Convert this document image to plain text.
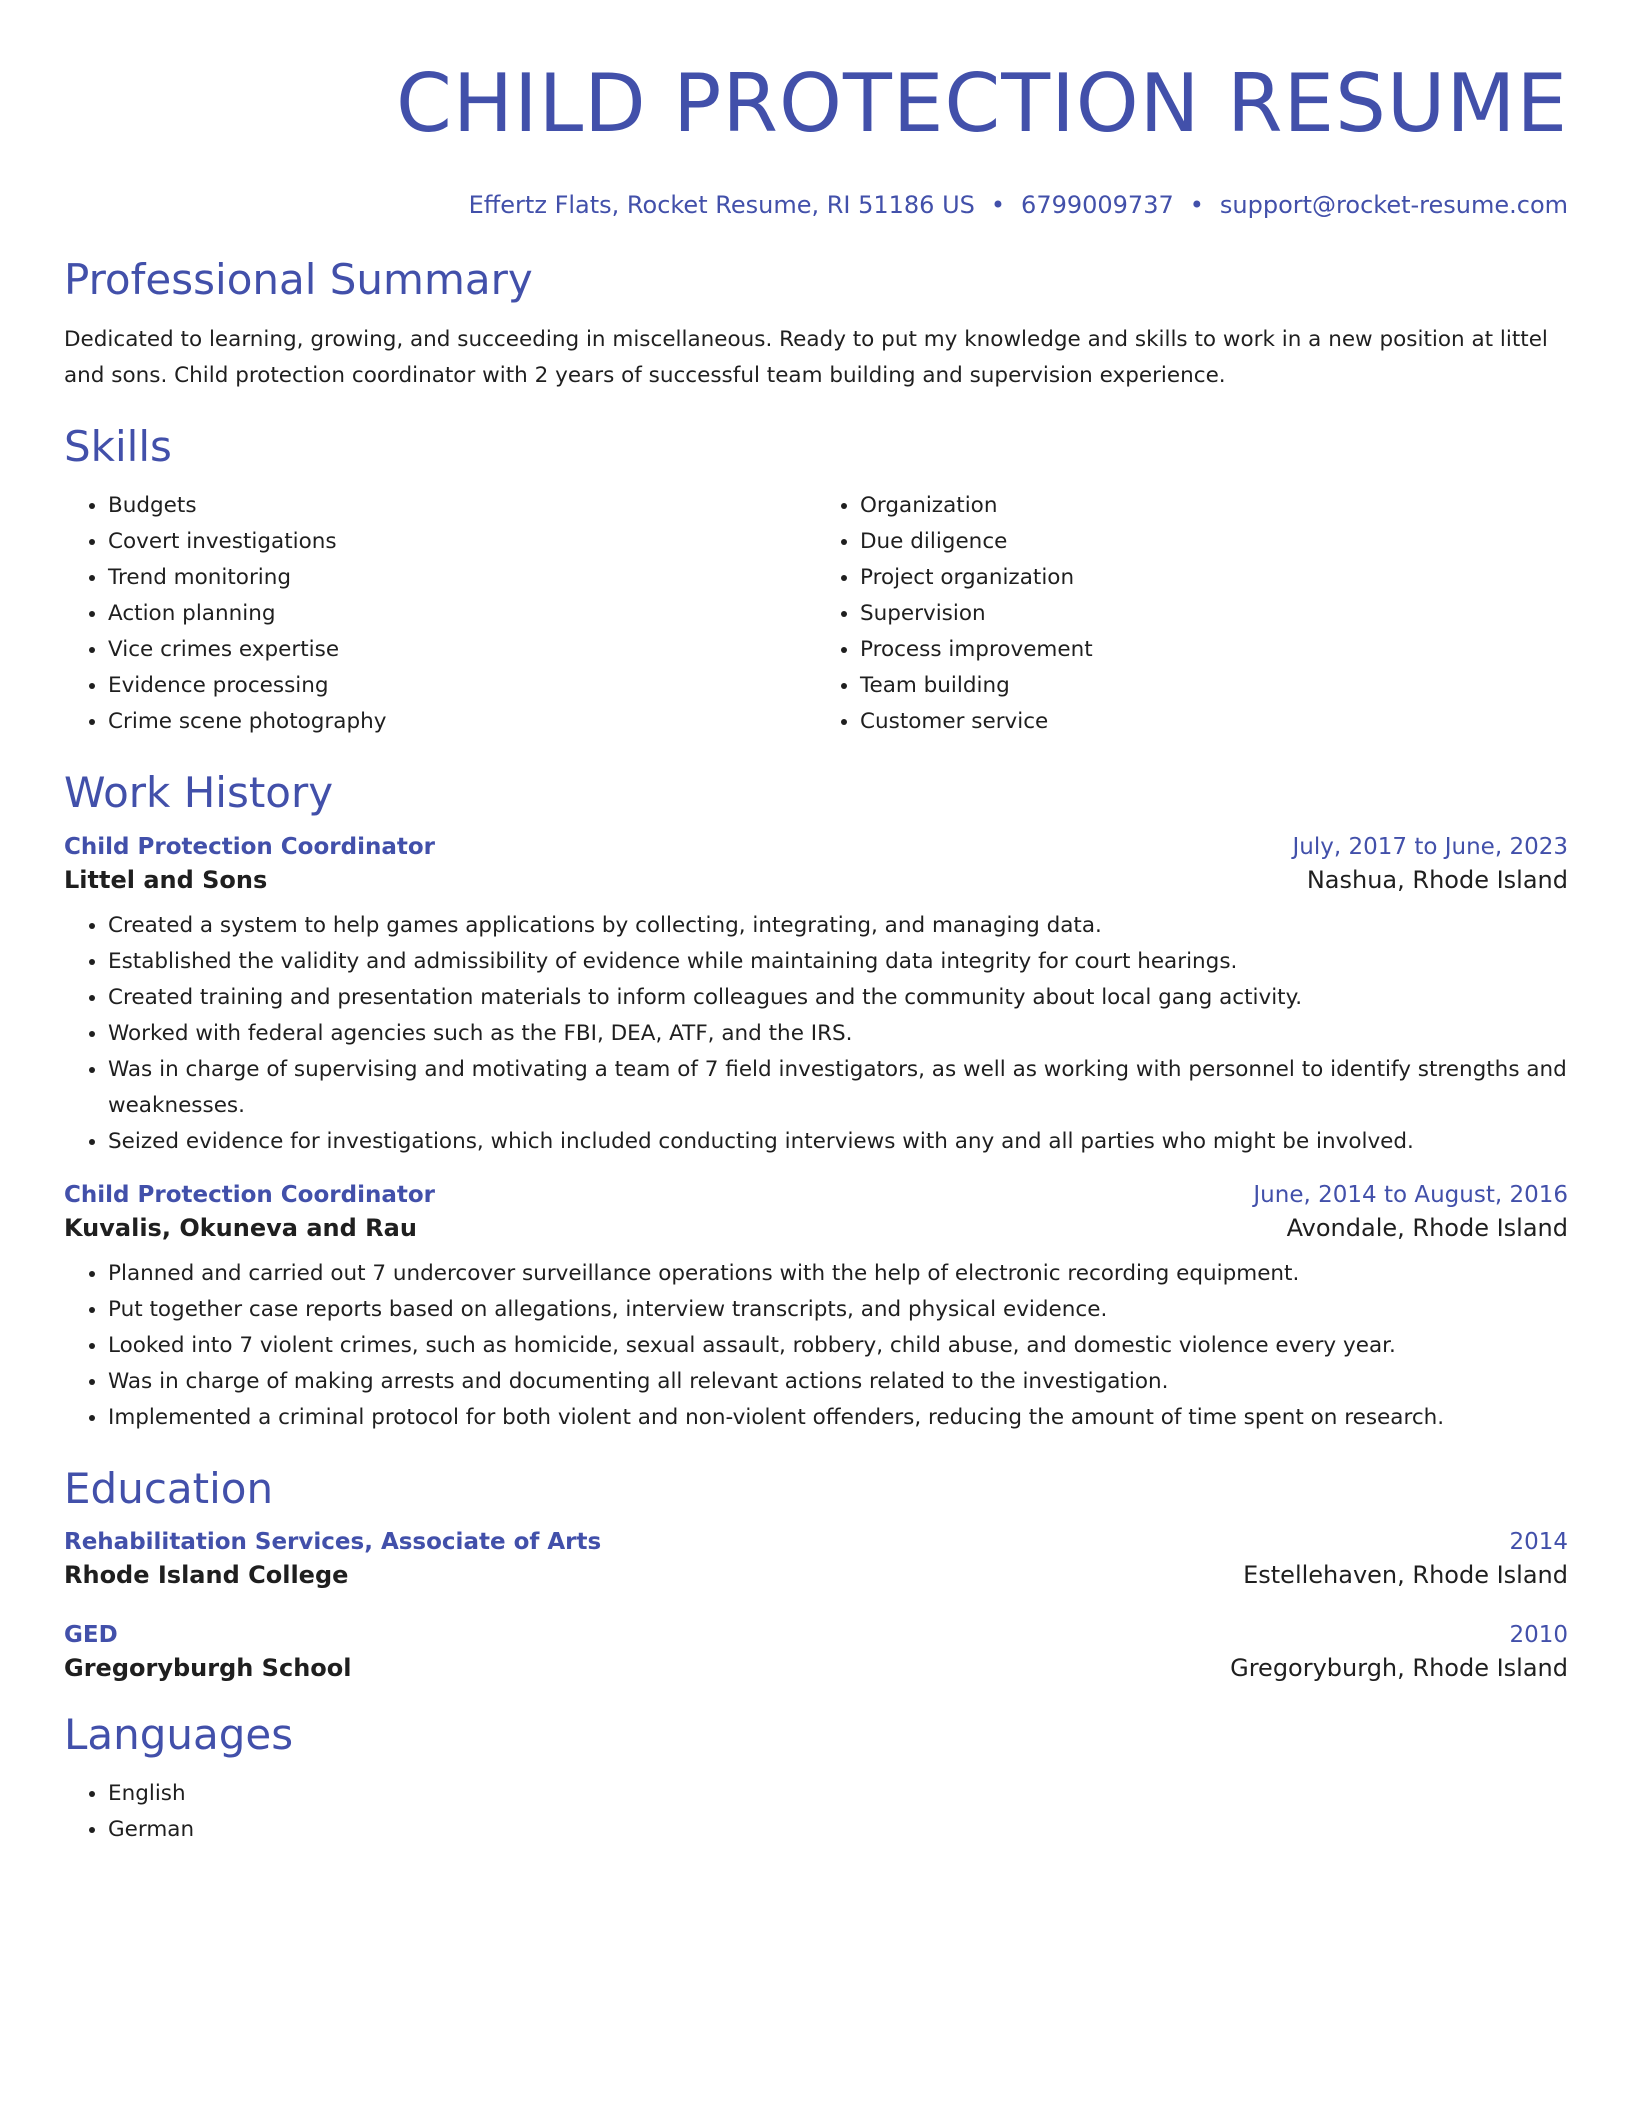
CHILD PROTECTION RESUME
Effertz Flats, Rocket Resume, RI 51186 US • 6799009737 • support@rocket-resume.com
Professional Summary

Dedicated to learning, growing, and succeeding in miscellaneous. Ready to put my knowledge and skills to work in a new position at littel and sons. Child protection coordinator with 2 years of successful team building and supervision experience.

Skills
• Budgets
• Covert investigations
• Trend monitoring
• Action planning
• Vice crimes expertise
• Evidence processing
• Crime scene photography
• Organization
• Due diligence
• Project organization
• Supervision
• Process improvement
• Team building
• Customer service
Work History
Child Protection Coordinator	July, 2017 to June, 2023
Littel and Sons	Nashua, Rhode Island
• Created a system to help games applications by collecting, integrating, and managing data.
• Established the validity and admissibility of evidence while maintaining data integrity for court hearings.
• Created training and presentation materials to inform colleagues and the community about local gang activity.
• Worked with federal agencies such as the FBI, DEA, ATF, and the IRS.
• Was in charge of supervising and motivating a team of 7 field investigators, as well as working with personnel to identify strengths and weaknesses.
• Seized evidence for investigations, which included conducting interviews with any and all parties who might be involved.
Child Protection Coordinator	June, 2014 to August, 2016
Kuvalis, Okuneva and Rau	Avondale, Rhode Island
• Planned and carried out 7 undercover surveillance operations with the help of electronic recording equipment.
• Put together case reports based on allegations, interview transcripts, and physical evidence.
• Looked into 7 violent crimes, such as homicide, sexual assault, robbery, child abuse, and domestic violence every year.
• Was in charge of making arrests and documenting all relevant actions related to the investigation.
• Implemented a criminal protocol for both violent and non-violent offenders, reducing the amount of time spent on research.
Education
Rehabilitation Services, Associate of Arts	2014
Rhode Island College	Estellehaven, Rhode Island
GED	2010
Gregoryburgh School	Gregoryburgh, Rhode Island
Languages
• English
• German
